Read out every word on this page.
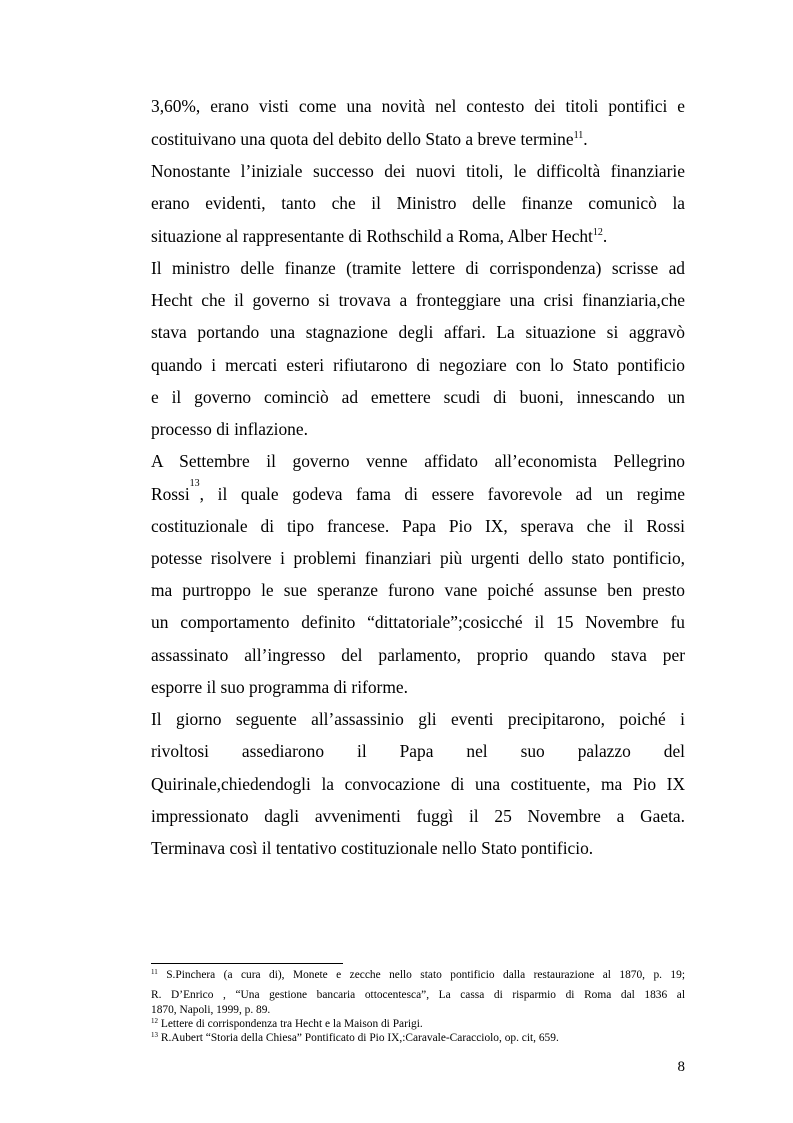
3,60%, erano visti come una novità nel contesto dei titoli pontifici e
costituivano una quota del debito dello Stato a breve termine$^{11}$.
Nonostante l’iniziale successo dei nuovi titoli, le difficoltà finanziarie
erano evidenti, tanto che il Ministro delle finanze comunicò la
situazione al rappresentante di Rothschild a Roma, Alber Hecht$^{12}$.
Il ministro delle finanze (tramite lettere di corrispondenza) scrisse ad
Hecht che il governo si trovava a fronteggiare una crisi finanziaria,che
stava portando una stagnazione degli affari. La situazione si aggravò
quando i mercati esteri rifiutarono di negoziare con lo Stato pontificio
e il governo cominciò ad emettere scudi di buoni, innescando un
processo di inflazione.
A Settembre il governo venne affidato all’economista Pellegrino
Rossi
13
, il quale godeva fama di essere favorevole ad un regime
costituzionale di tipo francese. Papa Pio IX, sperava che il Rossi
potesse risolvere i problemi finanziari più urgenti dello stato pontificio,
ma purtroppo le sue speranze furono vane poiché assunse ben presto
un comportamento definito “dittatoriale”;cosicché il 15 Novembre fu
assassinato all’ingresso del parlamento, proprio quando stava per
esporre il suo programma di riforme.
Il giorno seguente all’assassinio gli eventi precipitarono, poiché i
rivoltosi assediarono il Papa nel suo palazzo del
Quirinale,chiedendogli la convocazione di una costituente, ma Pio IX
impressionato dagli avvenimenti fuggì il 25 Novembre a Gaeta.
Terminava così il tentativo costituzionale nello Stato pontificio.
$^{11}$ S.Pinchera (a cura di), Monete e zecche nello stato pontificio dalla restaurazione al 1870, p. 19;
R. D’Enrico , “Una gestione bancaria ottocentesca”, La cassa di risparmio di Roma dal 1836 al
1870, Napoli, 1999, p. 89.
$^{12}$ Lettere di corrispondenza tra Hecht e la Maison di Parigi.
$^{13}$ R.Aubert “Storia della Chiesa” Pontificato di Pio IX,:Caravale-Caracciolo, op. cit, 659.
8
